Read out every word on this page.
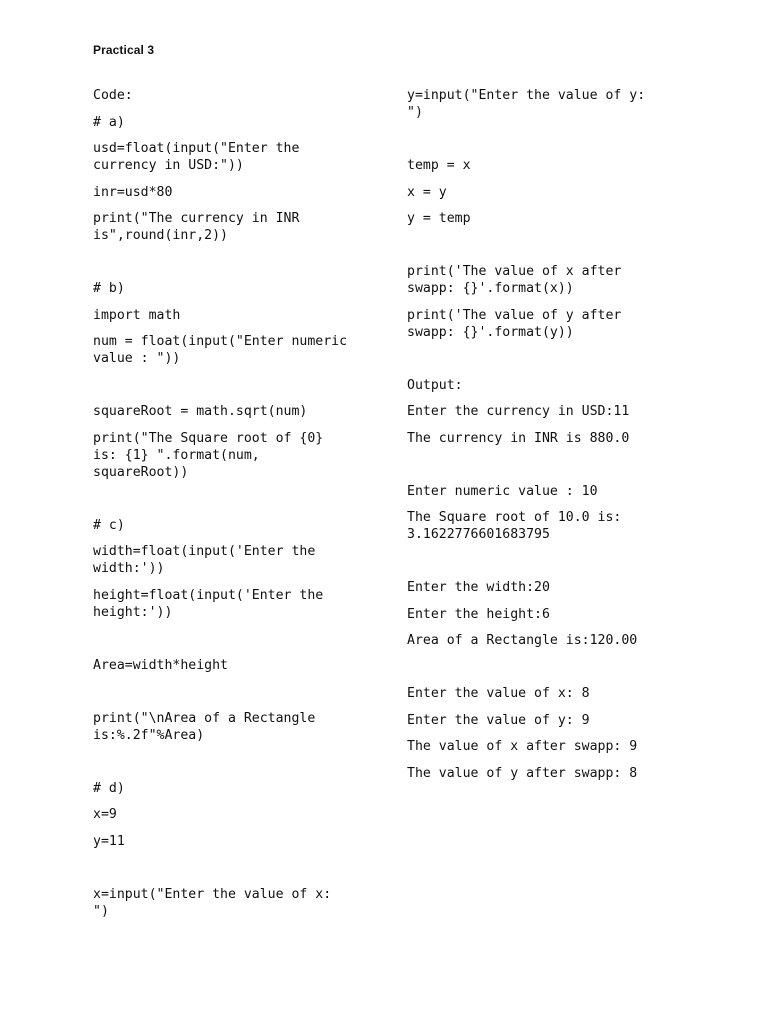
Practical 3
Code:
# a)
usd=float(input("Enter the
currency in USD:"))
inr=usd*80
print("The currency in INR
is",round(inr,2))
# b)
import math
num = float(input("Enter numeric
value : "))
squareRoot = math.sqrt(num)
print("The Square root of {0}
is: {1} ".format(num,
squareRoot))
# c)
width=float(input('Enter the
width:'))
height=float(input('Enter the
height:'))
Area=width*height
print("\nArea of a Rectangle
is:%.2f"%Area)
# d)
x=9
y=11
x=input("Enter the value of x:
")
y=input("Enter the value of y:
")
temp = x
x = y
y = temp
print('The value of x after
swapp: {}'.format(x))
print('The value of y after
swapp: {}'.format(y))
Output:
Enter the currency in USD:11
The currency in INR is 880.0
Enter numeric value : 10
The Square root of 10.0 is:
3.1622776601683795
Enter the width:20
Enter the height:6
Area of a Rectangle is:120.00
Enter the value of x: 8
Enter the value of y: 9
The value of x after swapp: 9
The value of y after swapp: 8
